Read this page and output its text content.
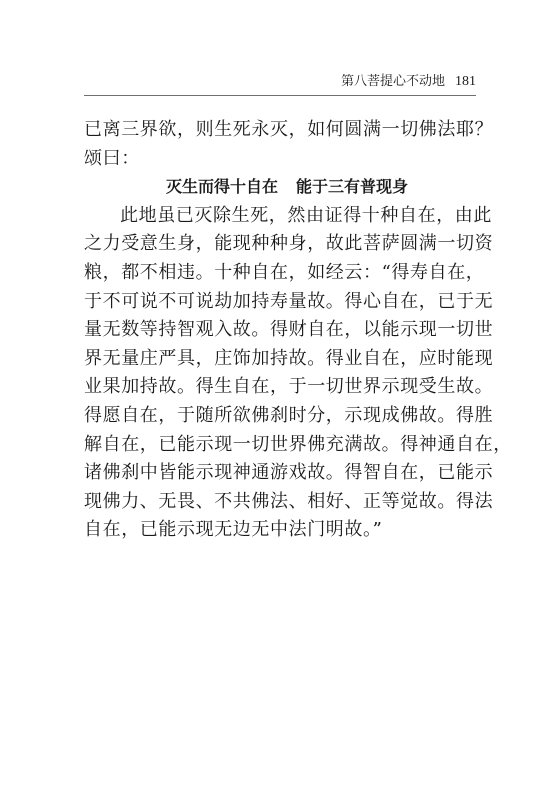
第八菩提心不动地 181
已离三界欲，则生死永灭，如何圆满一切佛法耶？
颂曰：
灭生而得十自在 能于三有普现身
此地虽已灭除生死，然由证得十种自在，由此
之力受意生身，能现种种身，故此菩萨圆满一切资
粮，都不相违。十种自在，如经云：“得寿自在，
于不可说不可说劫加持寿量故。得心自在，已于无
量无数等持智观入故。得财自在，以能示现一切世
界无量庄严具，庄饰加持故。得业自在，应时能现
业果加持故。得生自在，于一切世界示现受生故。
得愿自在，于随所欲佛刹时分，示现成佛故。得胜
解自在，已能示现一切世界佛充满故。得神通自在，
诸佛刹中皆能示现神通游戏故。得智自在，已能示
现佛力、无畏、不共佛法、相好、正等觉故。得法
自在，已能示现无边无中法门明故。”
